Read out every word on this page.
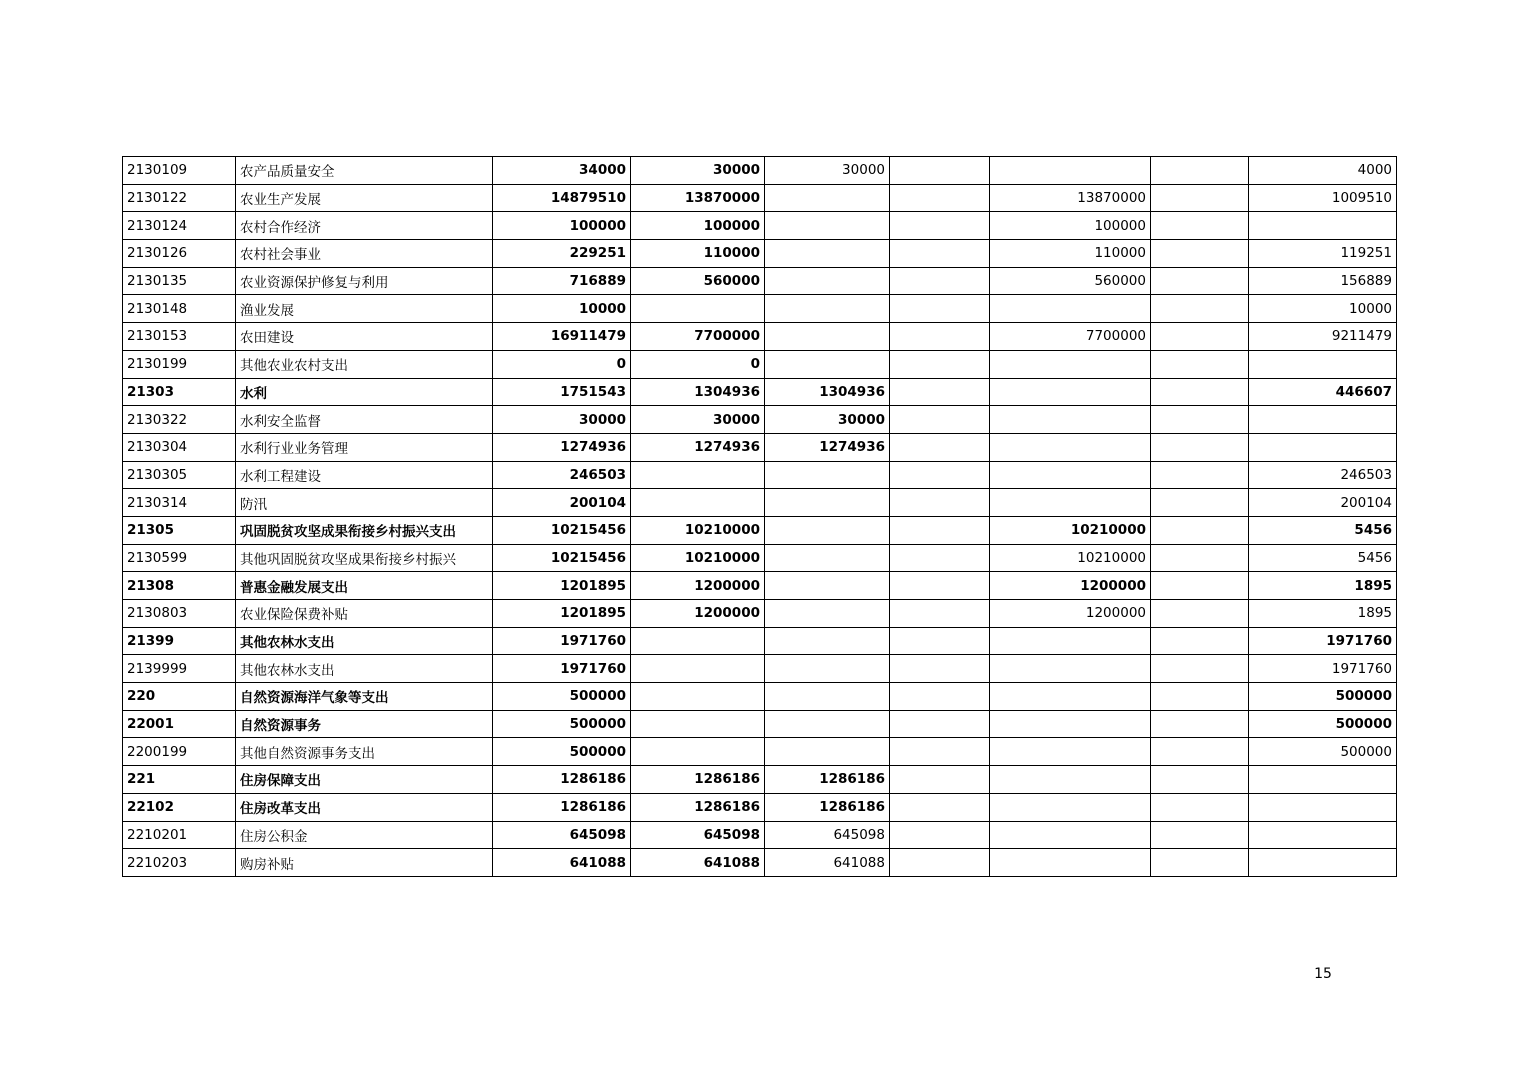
2130109	农产品质量安全	34000	30000	30000				4000
2130122	农业生产发展	14879510	13870000			13870000		1009510
2130124	农村合作经济	100000	100000			100000		
2130126	农村社会事业	229251	110000			110000		119251
2130135	农业资源保护修复与利用	716889	560000			560000		156889
2130148	渔业发展	10000						10000
2130153	农田建设	16911479	7700000			7700000		9211479
2130199	其他农业农村支出	0	0					
21303	水利	1751543	1304936	1304936				446607
2130322	水利安全监督	30000	30000	30000				
2130304	水利行业业务管理	1274936	1274936	1274936				
2130305	水利工程建设	246503						246503
2130314	防汛	200104						200104
21305	巩固脱贫攻坚成果衔接乡村振兴支出	10215456	10210000			10210000		5456
2130599	其他巩固脱贫攻坚成果衔接乡村振兴	10215456	10210000			10210000		5456
21308	普惠金融发展支出	1201895	1200000			1200000		1895
2130803	农业保险保费补贴	1201895	1200000			1200000		1895
21399	其他农林水支出	1971760						1971760
2139999	其他农林水支出	1971760						1971760
220	自然资源海洋气象等支出	500000						500000
22001	自然资源事务	500000						500000
2200199	其他自然资源事务支出	500000						500000
221	住房保障支出	1286186	1286186	1286186				
22102	住房改革支出	1286186	1286186	1286186				
2210201	住房公积金	645098	645098	645098				
2210203	购房补贴	641088	641088	641088				
15
